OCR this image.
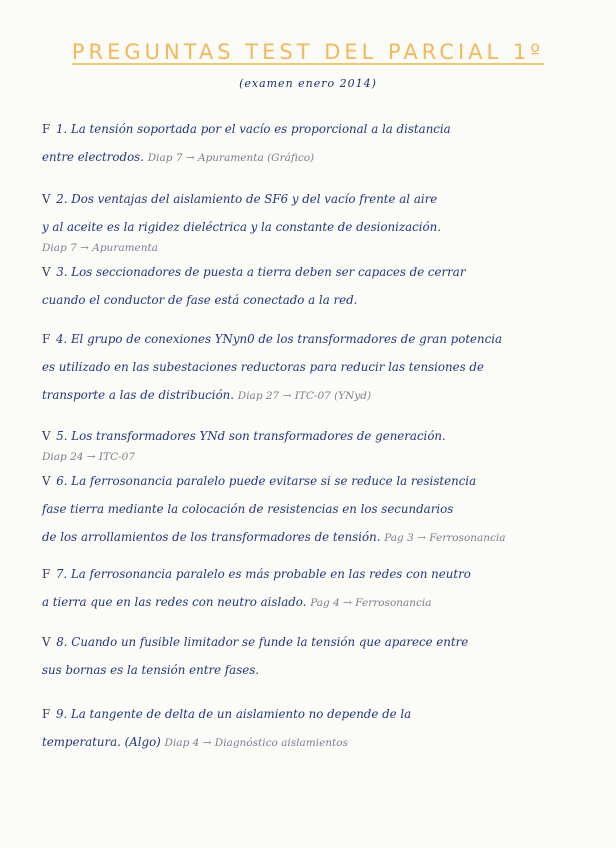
PREGUNTAS TEST DEL PARCIAL 1º
(examen enero 2014)
F 1. La tensión soportada por el vacío es proporcional a la distancia
entre electrodos. Diap 7 → Apuramenta (Gráfico)
V 2. Dos ventajas del aislamiento de SF6 y del vacío frente al aire
y al aceite es la rigidez dieléctrica y la constante de desionización.
Diap 7 → Apuramenta
V 3. Los seccionadores de puesta a tierra deben ser capaces de cerrar
cuando el conductor de fase está conectado a la red.
F 4. El grupo de conexiones YNyn0 de los transformadores de gran potencia
es utilizado en las subestaciones reductoras para reducir las tensiones de
transporte a las de distribución. Diap 27 → ITC-07 (YNyd)
V 5. Los transformadores YNd son transformadores de generación.
Diap 24 → ITC-07
V 6. La ferrosonancia paralelo puede evitarse si se reduce la resistencia
fase tierra mediante la colocación de resistencias en los secundarios
de los arrollamientos de los transformadores de tensión. Pag 3 → Ferrosonancia
F 7. La ferrosonancia paralelo es más probable en las redes con neutro
a tierra que en las redes con neutro aislado. Pag 4 → Ferrosonancia
V 8. Cuando un fusible limitador se funde la tensión que aparece entre
sus bornas es la tensión entre fases.
F 9. La tangente de delta de un aislamiento no depende de la
temperatura. (Algo) Diap 4 → Diagnóstico aislamientos
